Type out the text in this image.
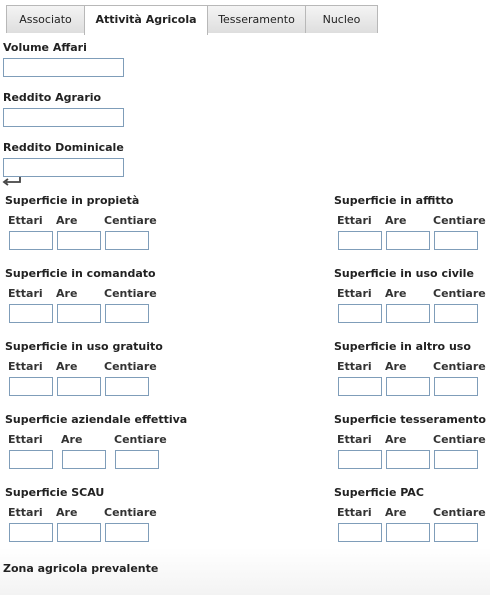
Associato	Attività Agricola	Tesseramento	Nucleo
Volume Affari
Reddito Agrario
Reddito Dominicale
Superficie in propietà
Ettari Are Centiare
Superficie in affitto
Ettari Are Centiare
Superficie in comandato
Ettari Are Centiare
Superficie in uso civile
Ettari Are Centiare
Superficie in uso gratuito
Ettari Are Centiare
Superficie in altro uso
Ettari Are Centiare
Superficie aziendale effettiva
Ettari Are	Centiare
Superficie tesseramento
Ettari Are Centiare
Superficie SCAU
Ettari Are Centiare
Superficie PAC
Ettari Are Centiare
Zona agricola prevalente
